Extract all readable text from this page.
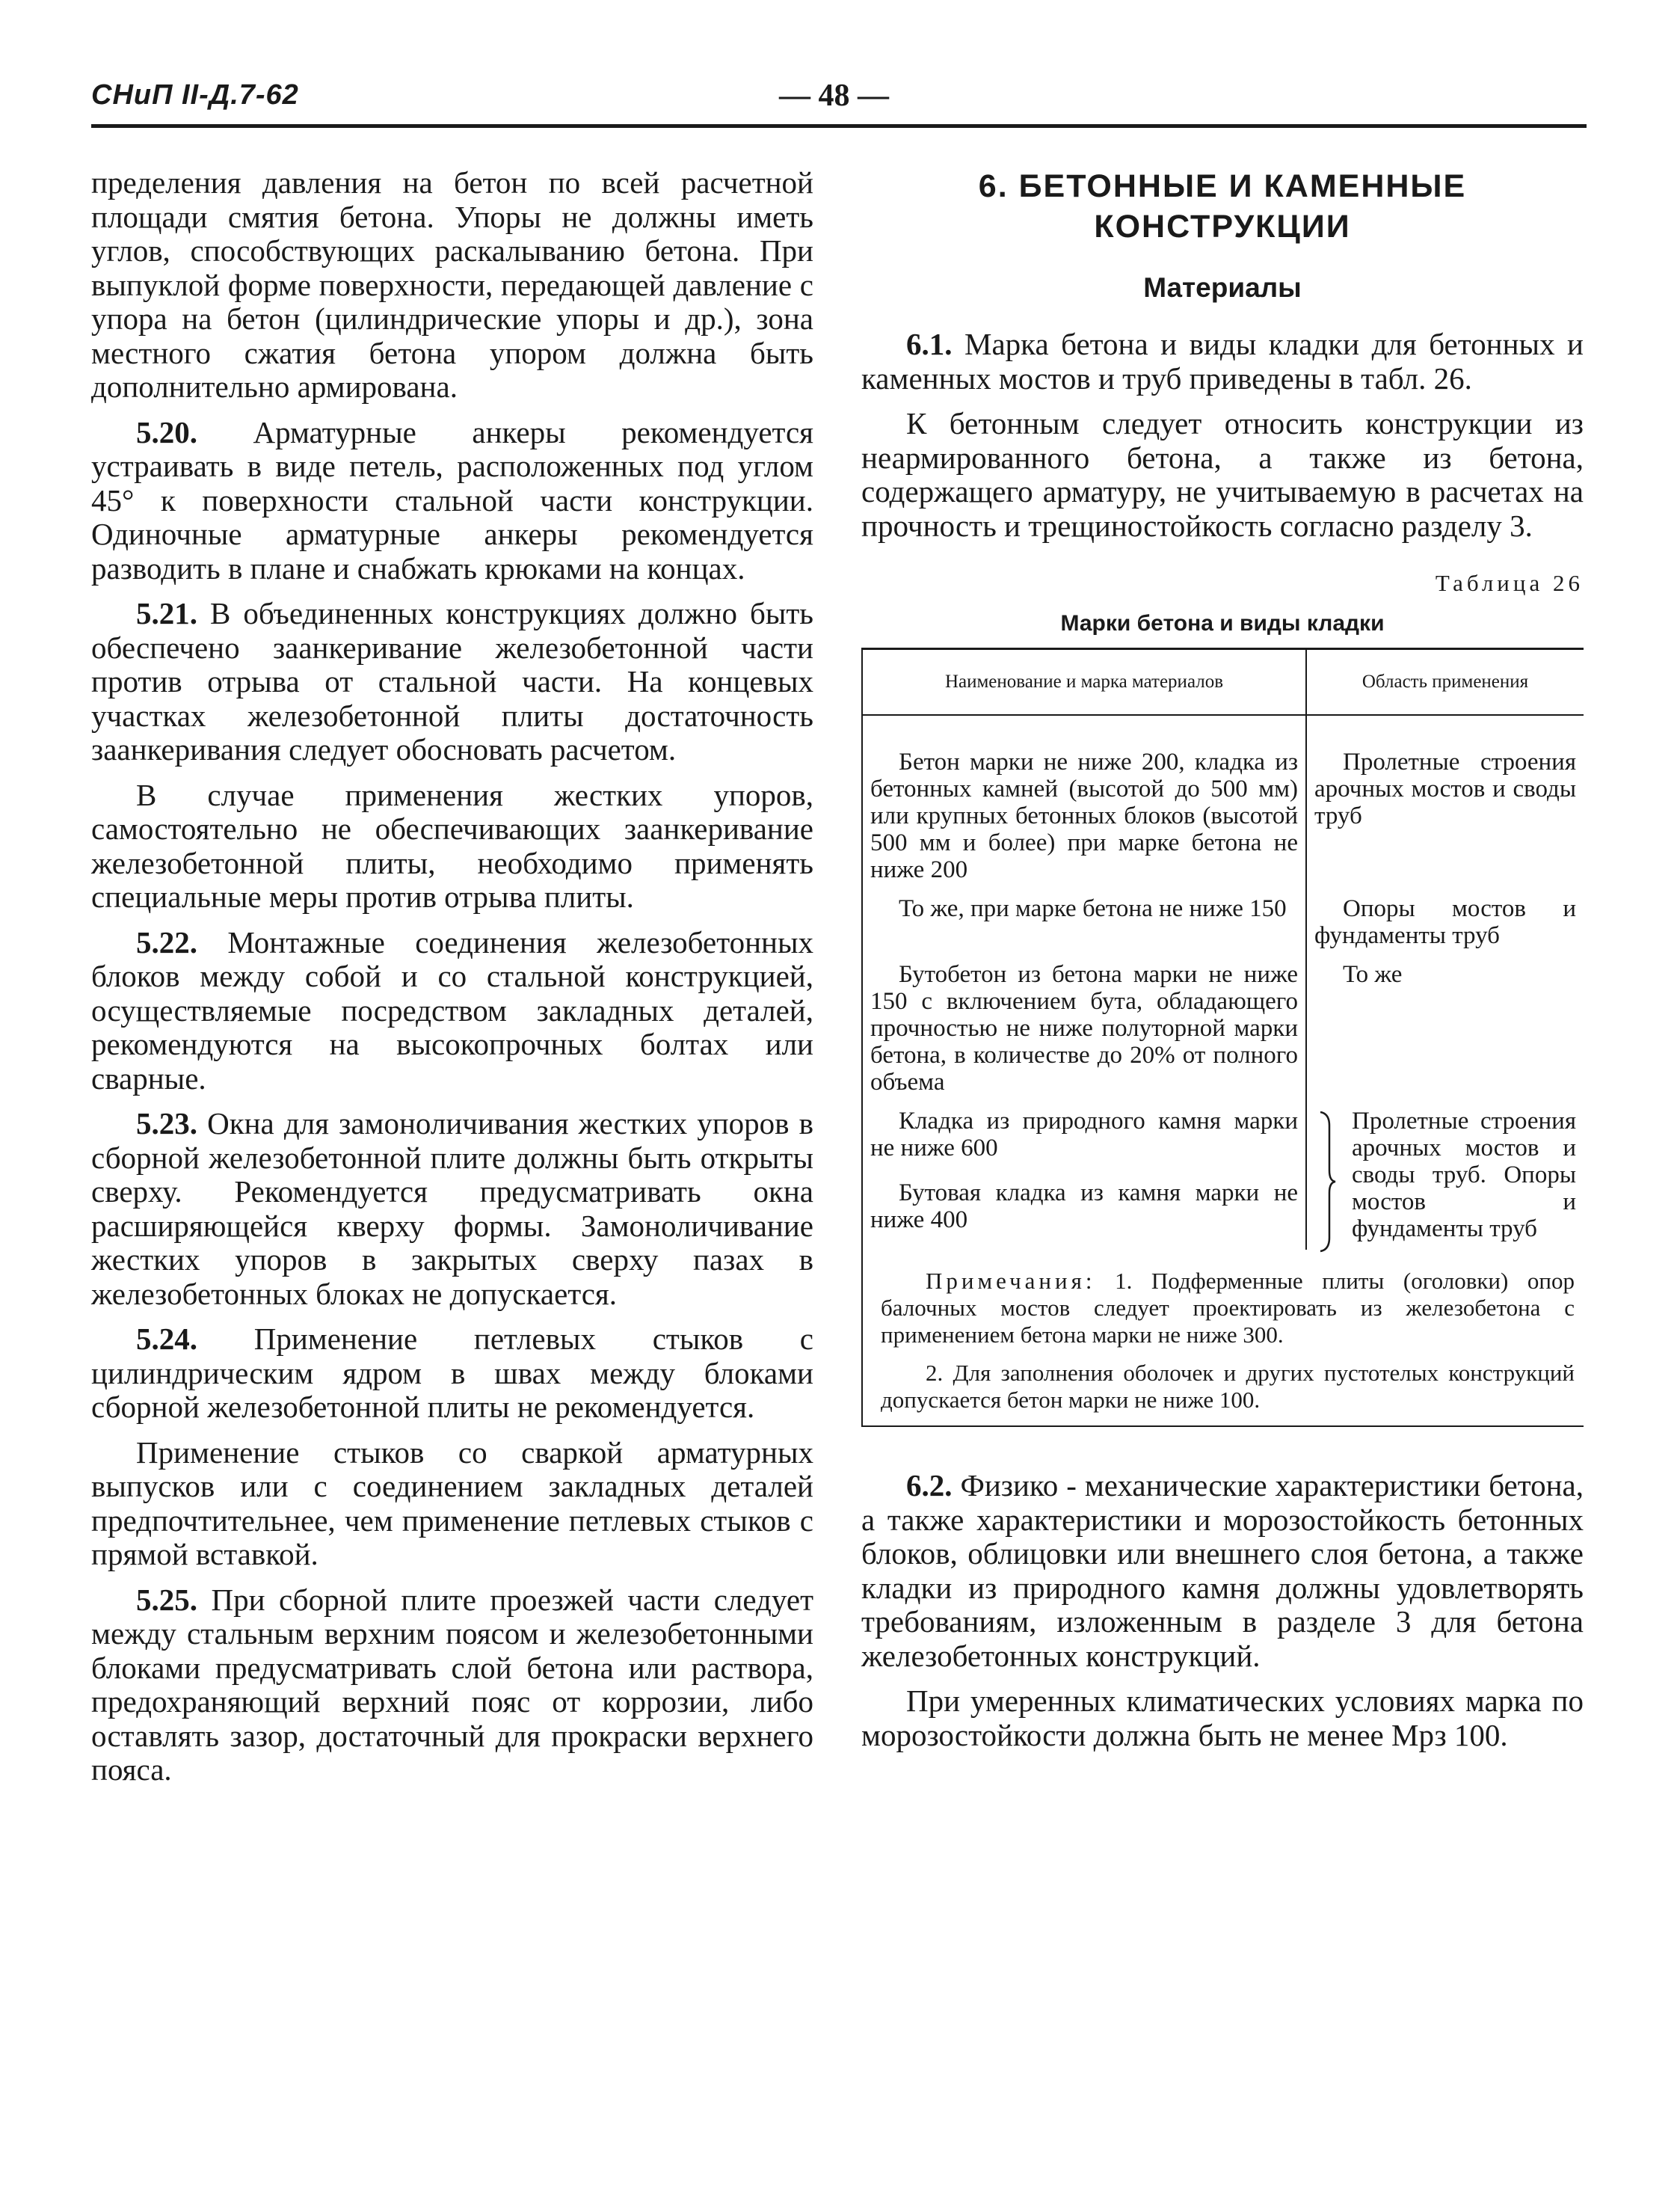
СНиП II-Д.7-62	— 48 —

пределения давления на бетон по всей расчетной площади смятия бетона. Упоры не должны иметь углов, способствующих раскалыванию бетона. При выпуклой форме поверхности, передающей давление с упора на бетон (цилиндрические упоры и др.), зона местного сжатия бетона упором должна быть дополнительно армирована.

5.20. Арматурные анкеры рекомендуется устраивать в виде петель, расположенных под углом 45° к поверхности стальной части конструкции. Одиночные арматурные анкеры рекомендуется разводить в плане и снабжать крюками на концах.

5.21. В объединенных конструкциях должно быть обеспечено заанкеривание железобетонной части против отрыва от стальной части. На концевых участках железобетонной плиты достаточность заанкеривания следует обосновать расчетом.

В случае применения жестких упоров, самостоятельно не обеспечивающих заанкеривание железобетонной плиты, необходимо применять специальные меры против отрыва плиты.

5.22. Монтажные соединения железобетонных блоков между собой и со стальной конструкцией, осуществляемые посредством закладных деталей, рекомендуются на высокопрочных болтах или сварные.

5.23. Окна для замоноличивания жестких упоров в сборной железобетонной плите должны быть открыты сверху. Рекомендуется предусматривать окна расширяющейся кверху формы. Замоноличивание жестких упоров в закрытых сверху пазах в железобетонных блоках не допускается.

5.24. Применение петлевых стыков с цилиндрическим ядром в швах между блоками сборной железобетонной плиты не рекомендуется.

Применение стыков со сваркой арматурных выпусков или с соединением закладных деталей предпочтительнее, чем применение петлевых стыков с прямой вставкой.

5.25. При сборной плите проезжей части следует между стальным верхним поясом и железобетонными блоками предусматривать слой бетона или раствора, предохраняющий верхний пояс от коррозии, либо оставлять зазор, достаточный для прокраски верхнего пояса.

6. БЕТОННЫЕ И КАМЕННЫЕ
КОНСТРУКЦИИ

Материалы

6.1. Марка бетона и виды кладки для бетонных и каменных мостов и труб приведены в табл. 26.

К бетонным следует относить конструкции из неармированного бетона, а также из бетона, содержащего арматуру, не учитываемую в расчетах на прочность и трещиностойкость согласно разделу 3.

Таблица 26

Марки бетона и виды кладки

Наименование и марка материалов	Область применения

Бетон марки не ниже 200, кладка из бетонных камней (высотой до 500 мм) или крупных бетонных блоков (высотой 500 мм и более) при марке бетона не ниже 200	Пролетные строения арочных мостов и своды труб

То же, при марке бетона не ниже 150	Опоры мостов и фундаменты труб

Бутобетон из бетона марки не ниже 150 с включением бута, обладающего прочностью не ниже полуторной марки бетона, в количестве до 20% от полного объема	То же

Кладка из природного камня марки не ниже 600
Бутовая кладка из камня марки не ниже 400	Пролетные строения арочных мостов и своды труб. Опоры мостов и фундаменты труб

Примечания: 1. Подферменные плиты (оголовки) опор балочных мостов следует проектировать из железобетона с применением бетона марки не ниже 300.

2. Для заполнения оболочек и других пустотелых конструкций допускается бетон марки не ниже 100.

6.2. Физико - механические характеристики бетона, а также характеристики и морозостойкость бетонных блоков, облицовки или внешнего слоя бетона, а также кладки из природного камня должны удовлетворять требованиям, изложенным в разделе 3 для бетона железобетонных конструкций.

При умеренных климатических условиях марка по морозостойкости должна быть не менее Мрз 100.
